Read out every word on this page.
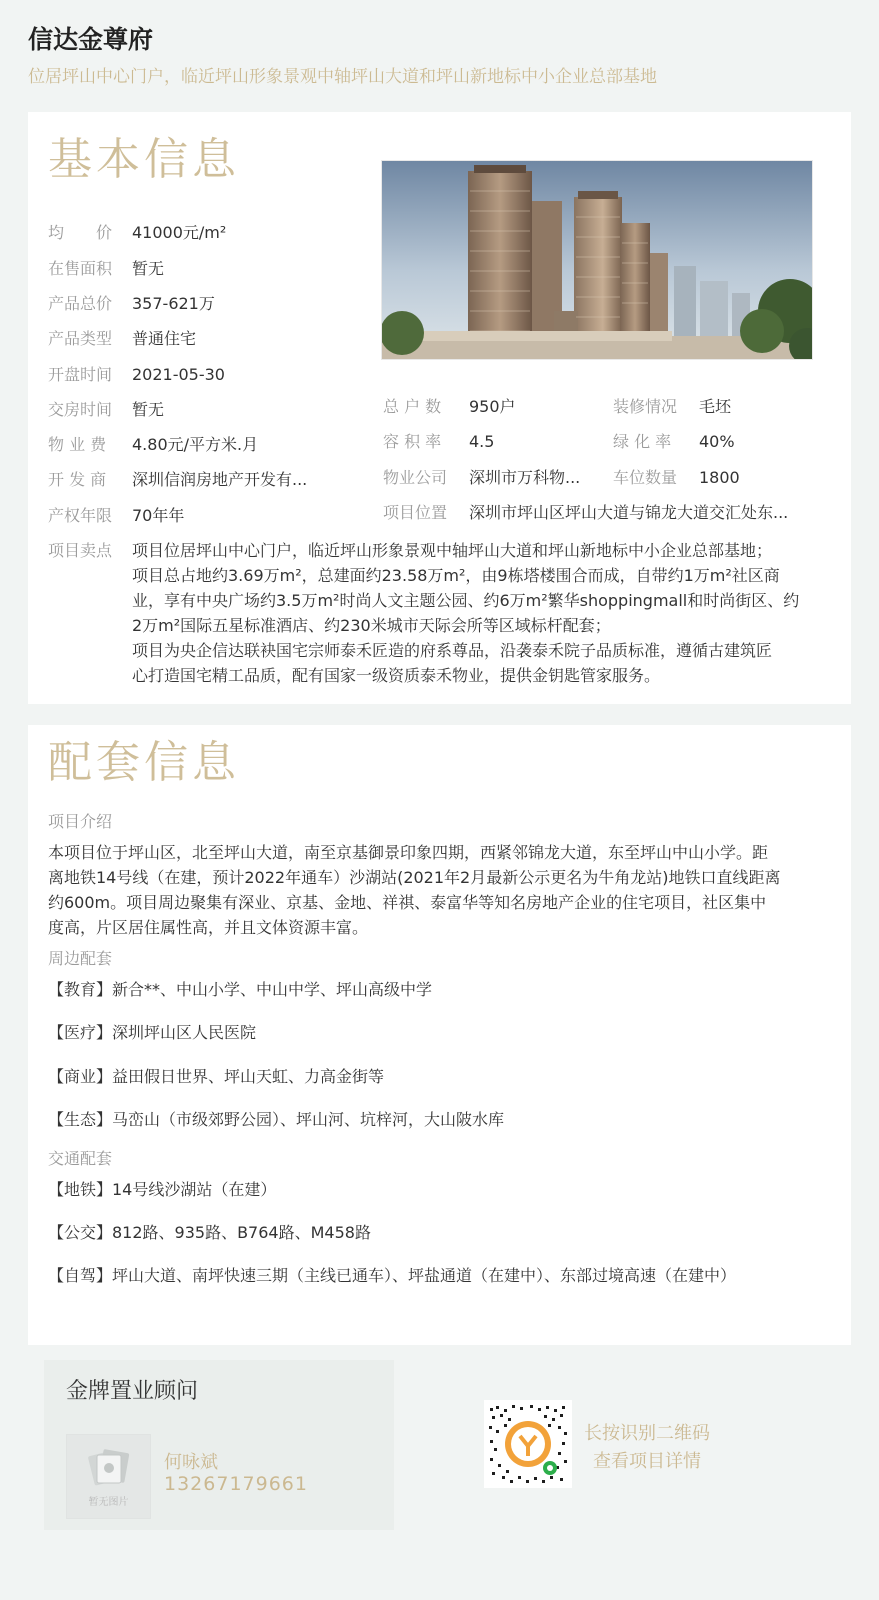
信达金尊府
位居坪山中心门户，临近坪山形象景观中轴坪山大道和坪山新地标中小企业总部基地
基本信息
均　　价 41000元/m²
在售面积 暂无
产品总价 357-621万
产品类型 普通住宅
开盘时间 2021-05-30
交房时间 暂无
物 业 费 4.80元/平方米.月
开 发 商 深圳信润房地产开发有...
产权年限 70年年
总 户 数 950户	装修情况 毛坯
容 积 率 4.5	绿 化 率 40%
物业公司 深圳市万科物... 车位数量 1800
项目位置 深圳市坪山区坪山大道与锦龙大道交汇处东...
项目卖点 项目位居坪山中心门户，临近坪山形象景观中轴坪山大道和坪山新地标中小企业总部基地；

项目总占地约3.69万m²，总建面约23.58万m²，由9栋塔楼围合而成，自带约1万m²社区商

业，享有中央广场约3.5万m²时尚人文主题公园、约6万m²繁华shoppingmall和时尚街区、约

2万m²国际五星标准酒店、约230米城市天际会所等区域标杆配套；

项目为央企信达联袂国宅宗师泰禾匠造的府系尊品，沿袭泰禾院子品质标准，遵循古建筑匠

心打造国宅精工品质，配有国家一级资质泰禾物业，提供金钥匙管家服务。

配套信息
项目介绍
本项目位于坪山区，北至坪山大道，南至京基御景印象四期，西紧邻锦龙大道，东至坪山中山小学。距
离地铁14号线（在建，预计2022年通车）沙湖站(2021年2月最新公示更名为牛角龙站)地铁口直线距离
约600m。项目周边聚集有深业、京基、金地、祥祺、泰富华等知名房地产企业的住宅项目，社区集中
度高，片区居住属性高，并且文体资源丰富。
周边配套
【教育】新合**、中山小学、中山中学、坪山高级中学
【医疗】深圳坪山区人民医院
【商业】益田假日世界、坪山天虹、力高金街等
【生态】马峦山（市级郊野公园）、坪山河、坑梓河，大山陂水库
交通配套
【地铁】14号线沙湖站（在建）
【公交】812路、935路、B764路、M458路
【自驾】坪山大道、南坪快速三期（主线已通车）、坪盐通道（在建中）、东部过境高速（在建中）
金牌置业顾问
暂无图片
何咏斌
13267179661
长按识别二维码
查看项目详情
